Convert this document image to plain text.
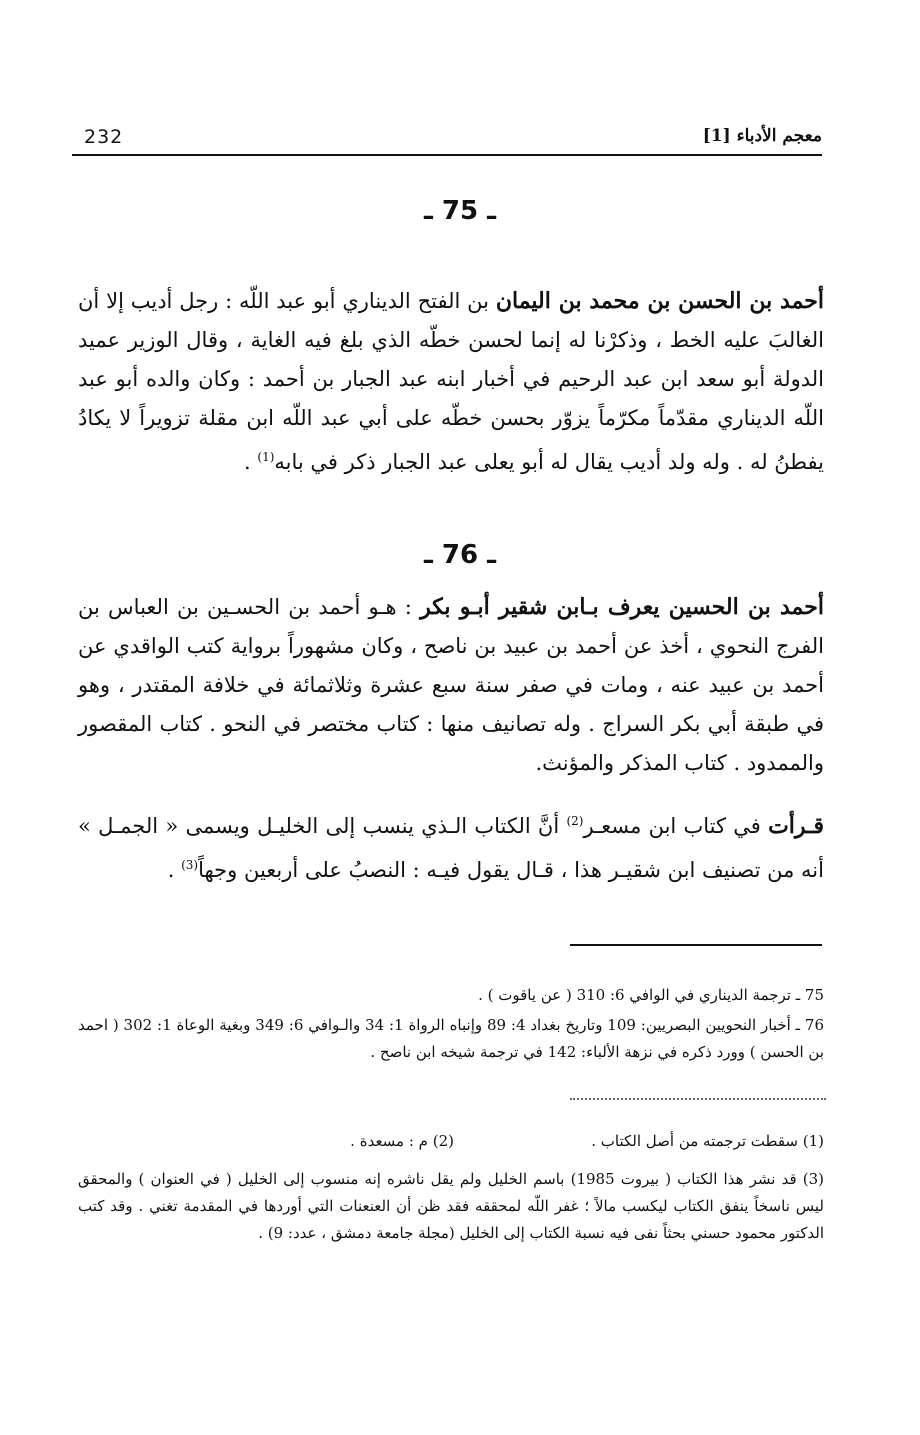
232	معجم الأدباء [1]
ـ 75 ـ

أحمد بن الحسن بن محمد بن اليمان بن الفتح الديناري أبو عبد اللّه : رجل أديب إلا أن الغالبَ عليه الخط ، وذكرْنا له إنما لحسن خطّه الذي بلغ فيه الغاية ، وقال الوزير عميد الدولة أبو سعد ابن عبد الرحيم في أخبار ابنه عبد الجبار بن أحمد : وكان والده أبو عبد اللّه الديناري مقدّماً مكرّماً يزوّر بحسن خطّه على أبي عبد اللّه ابن مقلة تزويراً لا يكادُ يفطنُ له . وله ولد أديب يقال له أبو يعلى عبد الجبار ذكر في بابه$^{(1)}$ .

ـ 76 ـ

أحمد بن الحسين يعرف بـابن شقير أبـو بكر : هـو أحمد بن الحسـين بن العباس بن الفرج النحوي ، أخذ عن أحمد بن عبيد بن ناصح ، وكان مشهوراً برواية كتب الواقدي عن أحمد بن عبيد عنه ، ومات في صفر سنة سبع عشرة وثلاثمائة في خلافة المقتدر ، وهو في طبقة أبي بكر السراج . وله تصانيف منها : كتاب مختصر في النحو . كتاب المقصور والممدود . كتاب المذكر والمؤنث.

قـرأت في كتاب ابن مسعـر$^{(2)}$ أنَّ الكتاب الـذي ينسب إلى الخليـل ويسمى « الجمـل » أنه من تصنيف ابن شقيـر هذا ، قـال يقول فيـه : النصبُ على أربعين وجهاً$^{(3)}$ .

75 ـ ترجمة الديناري في الوافي 6: 310 ( عن ياقوت ) .

76 ـ أخبار النحويين البصريين: 109 وتاريخ بغداد 4: 89 وإنباه الرواة 1: 34 والـوافي 6: 349 وبغية الوعاة 1: 302 ( احمد بن الحسن ) وورد ذكره في نزهة الألباء: 142 في ترجمة شيخه ابن ناصح .

(1) سقطت ترجمته من أصل الكتاب .
(2) م : مسعدة .

(3) قد نشر هذا الكتاب ( بيروت 1985) باسم الخليل ولم يقل ناشره إنه منسوب إلى الخليل ( في العنوان ) والمحقق ليس ناسخاً ينفق الكتاب ليكسب مالاً ؛ غفر اللّه لمحققه فقد ظن أن العنعنات التي أوردها في المقدمة تغني . وقد كتب الدكتور محمود حسني بحثاً نفى فيه نسبة الكتاب إلى الخليل (مجلة جامعة دمشق ، عدد: 9) .
